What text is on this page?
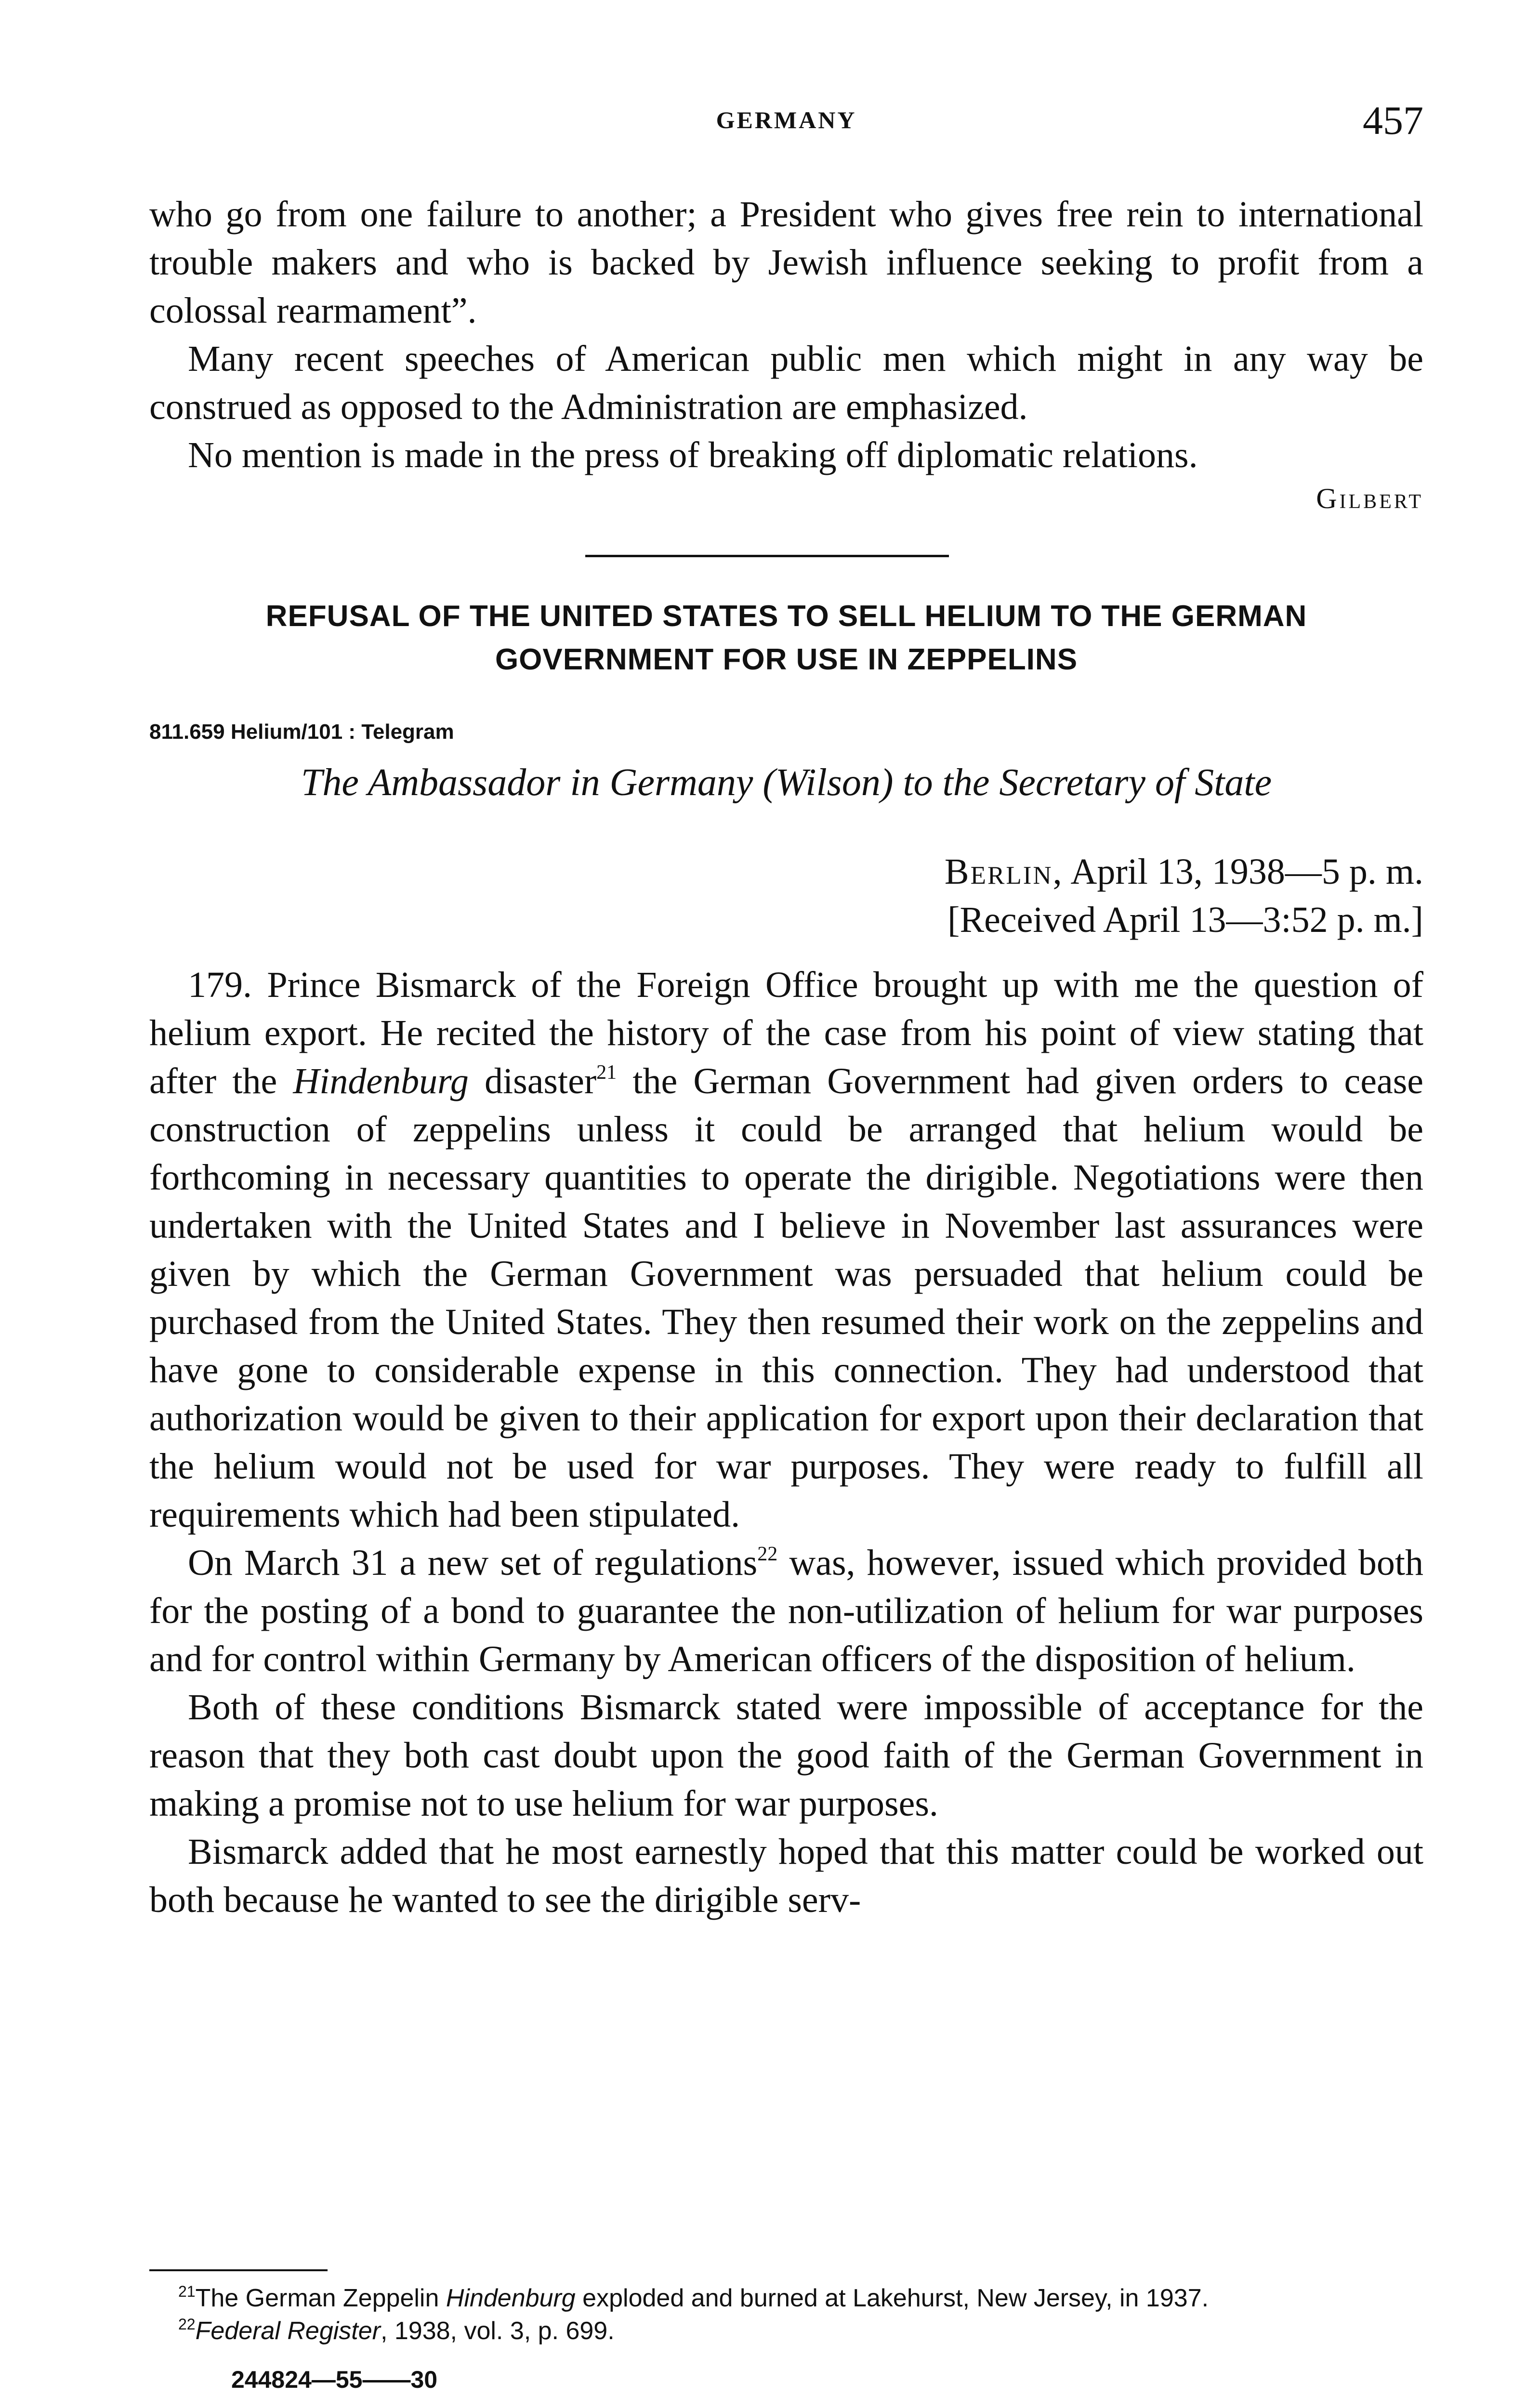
GERMANY	457

who go from one failure to another; a President who gives free rein to international trouble makers and who is backed by Jewish influence seeking to profit from a colossal rearmament”.

Many recent speeches of American public men which might in any way be construed as opposed to the Administration are emphasized.

No mention is made in the press of breaking off diplomatic relations.

Gilbert
REFUSAL OF THE UNITED STATES TO SELL HELIUM TO THE GERMAN
GOVERNMENT FOR USE IN ZEPPELINS
811.659 Helium/101 : Telegram
The Ambassador in Germany (Wilson) to the Secretary of State
Berlin, April 13, 1938—5 p. m.
[Received April 13—3:52 p. m.]

179. Prince Bismarck of the Foreign Office brought up with me the question of helium export. He recited the history of the case from his point of view stating that after the Hindenburg disaster$^{21}$ the German Government had given orders to cease construction of zeppelins unless it could be arranged that helium would be forthcoming in necessary quantities to operate the dirigible. Negotiations were then undertaken with the United States and I believe in November last assurances were given by which the German Government was persuaded that helium could be purchased from the United States. They then resumed their work on the zeppelins and have gone to considerable expense in this connection. They had understood that authorization would be given to their application for export upon their declaration that the helium would not be used for war purposes. They were ready to fulfill all requirements which had been stipulated.

On March 31 a new set of regulations$^{22}$ was, however, issued which provided both for the posting of a bond to guarantee the non-utilization of helium for war purposes and for control within Germany by American officers of the disposition of helium.

Both of these conditions Bismarck stated were impossible of acceptance for the reason that they both cast doubt upon the good faith of the German Government in making a promise not to use helium for war purposes.

Bismarck added that he most earnestly hoped that this matter could be worked out both because he wanted to see the dirigible serv-

$^{21}$The German Zeppelin Hindenburg exploded and burned at Lakehurst, New Jersey, in 1937.
$^{22}$Federal Register, 1938, vol. 3, p. 699.
244824—55——30
